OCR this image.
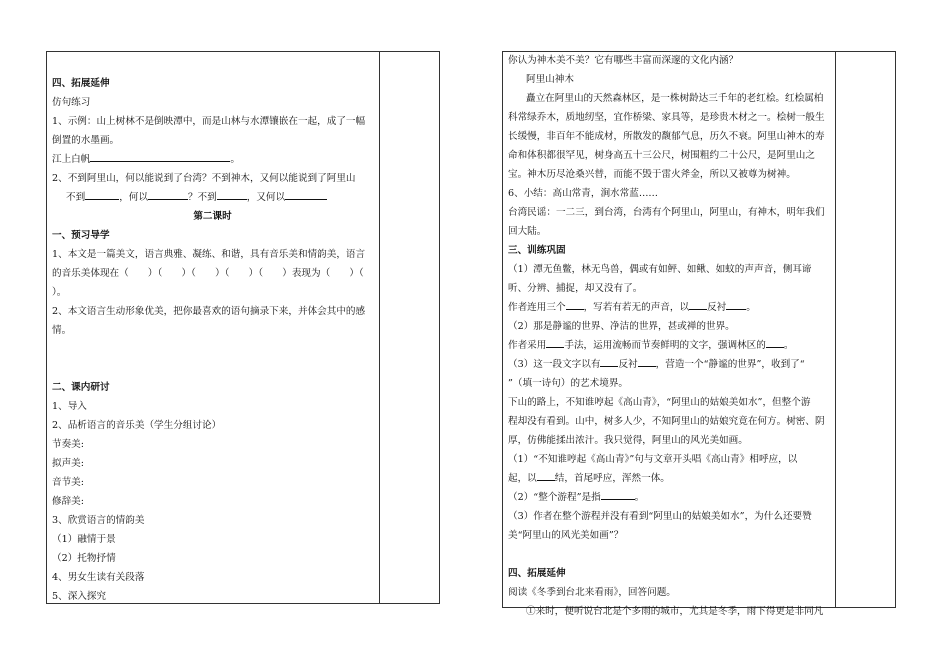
四、拓展延伸
仿句练习
1、示例：山上树林不是倒映潭中，而是山林与水潭镶嵌在一起，成了一幅
倒置的水墨画。
江上白帆	。
2、不到阿里山，何以能说到了台湾？不到神木，又何以能说到了阿里山
不到	，何以	？不到	，又何以
第二课时
一、预习导学
1、本文是一篇美文，语言典雅、凝练、和谐，具有音乐美和情韵美，语言
的音乐美体现在（　　）（　　）（　　）（　　）（　　）表现为（　　）（
）。
2、本文语言生动形象优美，把你最喜欢的语句摘录下来，并体会其中的感
情。
二、课内研讨
1、导入
2、品析语言的音乐美（学生分组讨论）
节奏美:
拟声美:
音节美:
修辞美:
3、欣赏语言的情韵美
（1）融情于景
（2）托物抒情
4、男女生读有关段落
5、深入探究
你认为神木美不美？它有哪些丰富而深邃的文化内涵？
阿里山神木
矗立在阿里山的天然森林区，是一株树龄达三千年的老红桧。红桧属柏
科常绿乔木，质地纫坚，宜作桥梁、家具等，是珍贵木材之一。桧树一般生
长缓慢，非百年不能成材，所散发的馥郁气息，历久不衰。阿里山神木的寿
命和体积都很罕见，树身高五十三公尺，树围粗约二十公尺，是阿里山之
宝。神木历尽沧桑兴替，而能不毁于雷火斧金，所以又被尊为树神。
6、小结：高山常青，涧水常蓝……
台湾民谣：一二三，到台湾，台湾有个阿里山，阿里山，有神木，明年我们
回大陆。
三、训练巩固
（1）潭无鱼鳖，林无鸟兽，偶或有如鲆、如鳅、如蚊的声声音，侧耳谛
听、分辨、捕捉，却又没有了。
作者连用三个 ，写若有若无的声音，以 反衬 。
（2）那是静谧的世界、净洁的世界，甚或禅的世界。
作者采用 手法，运用流畅而节奏鲜明的文字，强调林区的 。
（3）这一段文字以有 反衬 ，营造一个“静谧的世界”，收到了“
”（填一诗句）的艺术境界。
下山的路上，不知谁哼起《高山青》，“阿里山的姑娘美如水”，但整个游
程却没有看到。山中，树多人少，不知阿里山的姑娘究竟在何方。树密、阴
厚，仿佛能揉出浓汁。我只觉得，阿里山的风光美如画。
（1）“不知谁哼起《高山青》”句与文章开头唱《高山青》相呼应，以
起，以 结，首尾呼应，浑然一体。
（2）“整个游程”是指	。
（3）作者在整个游程并没有看到“阿里山的姑娘美如水”，为什么还要赞
美“阿里山的风光美如画”？
四、拓展延伸
阅读《冬季到台北来看雨》，回答问题。
①来时，便听说台北是个多雨的城市，尤其是冬季，雨下得更是非同凡
